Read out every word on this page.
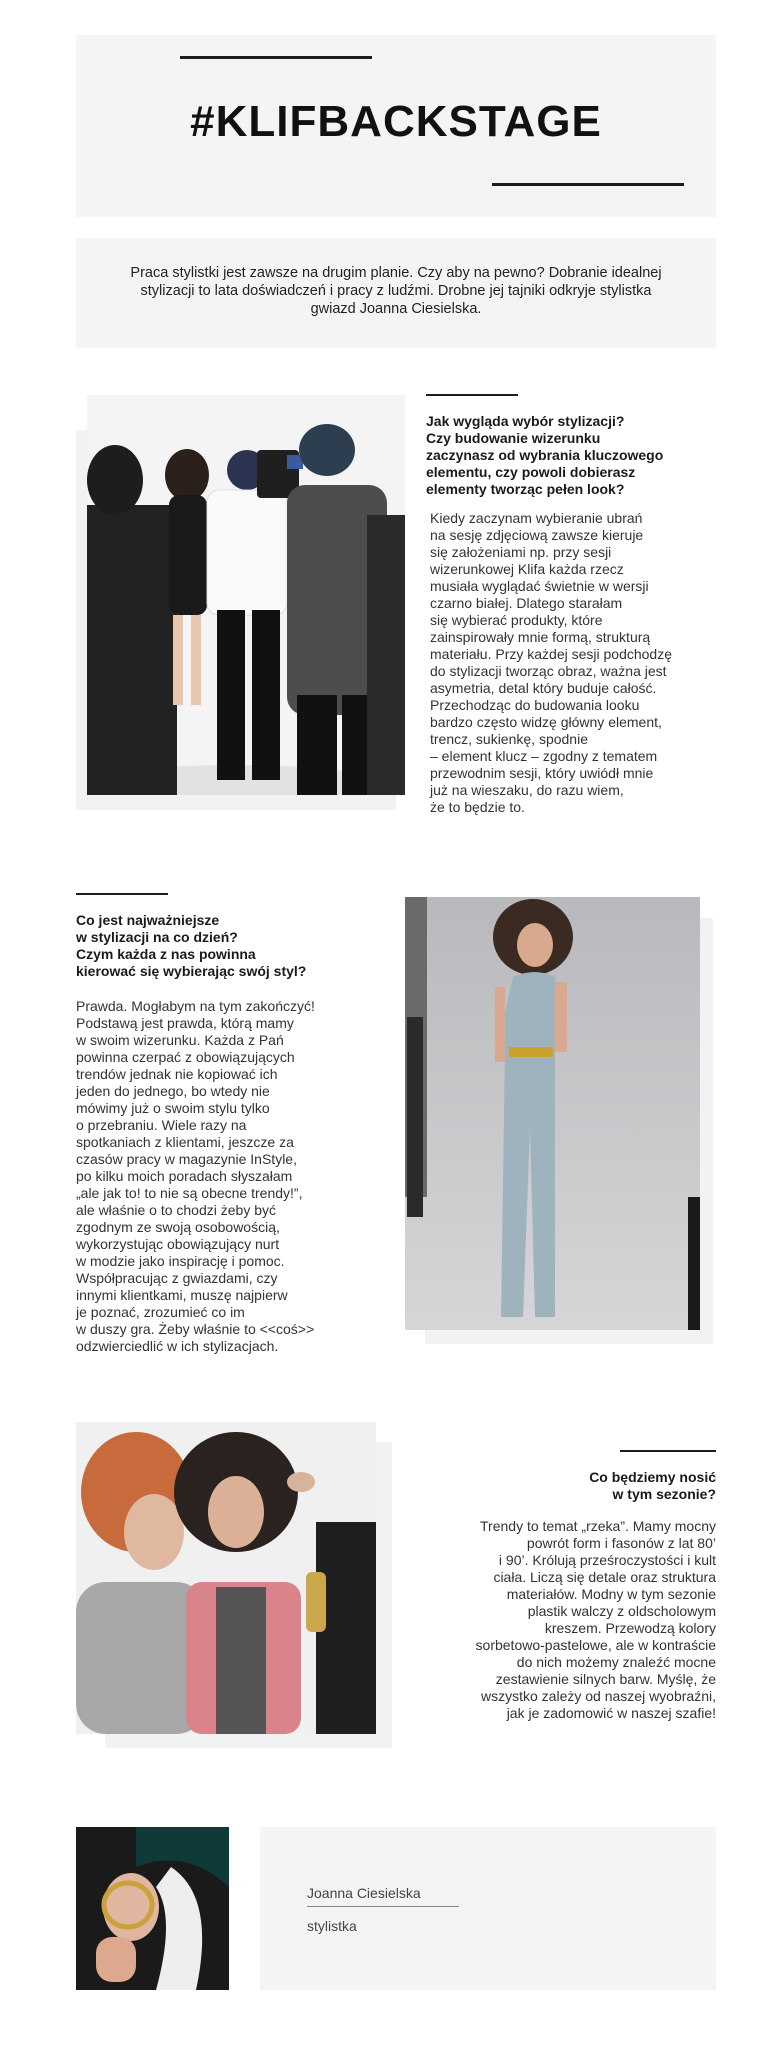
#KLIFBACKSTAGE
Praca stylistki jest zawsze na drugim planie. Czy aby na pewno? Dobranie idealnej stylizacji to lata doświadczeń i pracy z ludźmi. Drobne jej tajniki odkryje stylistka gwiazd Joanna Ciesielska.
Jak wygląda wybór stylizacji?
Czy budowanie wizerunku
zaczynasz od wybrania kluczowego
elementu, czy powoli dobierasz
elementy tworząc pełen look?
Kiedy zaczynam wybieranie ubrań
na sesję zdjęciową zawsze kieruje
się założeniami np. przy sesji
wizerunkowej Klifa każda rzecz
musiała wyglądać świetnie w wersji
czarno białej. Dlatego starałam
się wybierać produkty, które
zainspirowały mnie formą, strukturą
materiału. Przy każdej sesji podchodzę
do stylizacji tworząc obraz, ważna jest
asymetria, detal który buduje całość.
Przechodząc do budowania looku
bardzo często widzę główny element,
trencz, sukienkę, spodnie
– element klucz – zgodny z tematem
przewodnim sesji, który uwiódł mnie
już na wieszaku, do razu wiem,
że to będzie to.
Co jest najważniejsze
w stylizacji na co dzień?
Czym każda z nas powinna
kierować się wybierając swój styl?
Prawda. Mogłabym na tym zakończyć!
Podstawą jest prawda, którą mamy
w swoim wizerunku. Każda z Pań
powinna czerpać z obowiązujących
trendów jednak nie kopiować ich
jeden do jednego, bo wtedy nie
mówimy już o swoim stylu tylko
o przebraniu. Wiele razy na
spotkaniach z klientami, jeszcze za
czasów pracy w magazynie InStyle,
po kilku moich poradach słyszałam
„ale jak to! to nie są obecne trendy!”,
ale właśnie o to chodzi żeby być
zgodnym ze swoją osobowością,
wykorzystując obowiązujący nurt
w modzie jako inspirację i pomoc.
Współpracując z gwiazdami, czy
innymi klientkami, muszę najpierw
je poznać, zrozumieć co im
w duszy gra. Żeby właśnie to <<coś>>
odzwierciedlić w ich stylizacjach.
Co będziemy nosić
w tym sezonie?
Trendy to temat „rzeka”. Mamy mocny
powrót form i fasonów z lat 80’
i 90’. Królują prześroczystości i kult
ciała. Liczą się detale oraz struktura
materiałów. Modny w tym sezonie
plastik walczy z oldscholowym
kreszem. Przewodzą kolory
sorbetowo-pastelowe, ale w kontraście
do nich możemy znaleźć mocne
zestawienie silnych barw. Myślę, że
wszystko zależy od naszej wyobraźni,
jak je zadomowić w naszej szafie!
Joanna Ciesielska
stylistka
